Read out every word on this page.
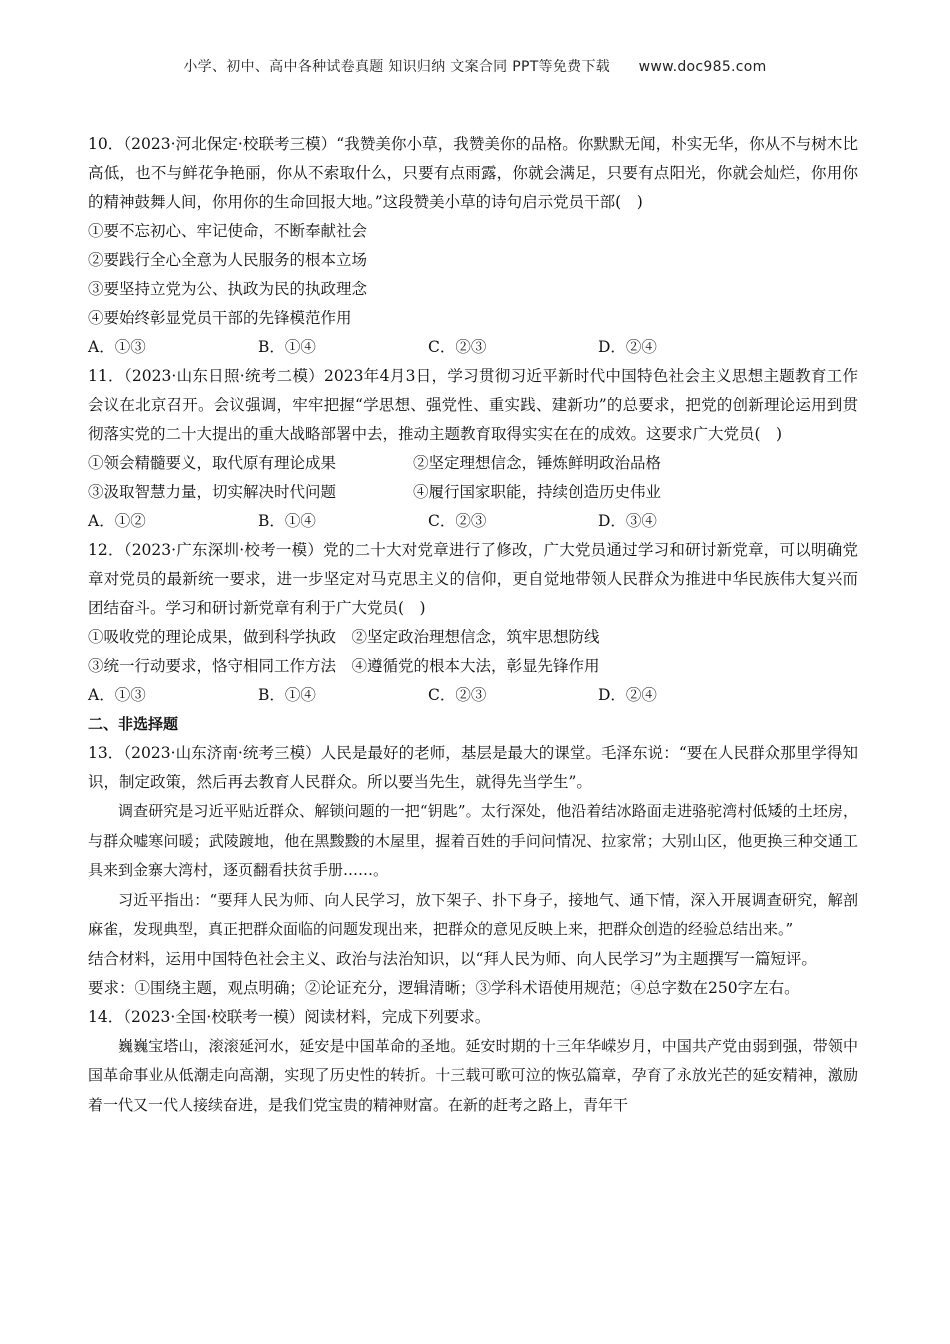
小学、初中、高中各种试卷真题 知识归纳 文案合同 PPT等免费下载　　www.doc985.com

10．（2023·河北保定·校联考三模）“我赞美你小草，我赞美你的品格。你默默无闻，朴实无华，你从不与树木比高低，也不与鲜花争艳丽，你从不索取什么，只要有点雨露，你就会满足，只要有点阳光，你就会灿烂，你用你的精神鼓舞人间，你用你的生命回报大地。”这段赞美小草的诗句启示党员干部(　)

①要不忘初心、牢记使命，不断奉献社会

②要践行全心全意为人民服务的根本立场

③要坚持立党为公、执政为民的执政理念

④要始终彰显党员干部的先锋模范作用

A．①③	B．①④	C．②③	D．②④

11．（2023·山东日照·统考二模）2023年4月3日，学习贯彻习近平新时代中国特色社会主义思想主题教育工作会议在北京召开。会议强调，牢牢把握“学思想、强党性、重实践、建新功”的总要求，把党的创新理论运用到贯彻落实党的二十大提出的重大战略部署中去，推动主题教育取得实实在在的成效。这要求广大党员(　)

①领会精髓要义，取代原有理论成果	②坚定理想信念，锤炼鲜明政治品格
③汲取智慧力量，切实解决时代问题	④履行国家职能，持续创造历史伟业
A．①②	B．①④	C．②③	D．③④

12．（2023·广东深圳·校考一模）党的二十大对党章进行了修改，广大党员通过学习和研讨新党章，可以明确党章对党员的最新统一要求，进一步坚定对马克思主义的信仰，更自觉地带领人民群众为推进中华民族伟大复兴而团结奋斗。学习和研讨新党章有利于广大党员(　)

①吸收党的理论成果，做到科学执政　②坚定政治理想信念，筑牢思想防线

③统一行动要求，恪守相同工作方法　④遵循党的根本大法，彰显先锋作用

A．①③	B．①④	C．②③	D．②④

二、非选择题

13．（2023·山东济南·统考三模）人民是最好的老师，基层是最大的课堂。毛泽东说：“要在人民群众那里学得知识，制定政策，然后再去教育人民群众。所以要当先生，就得先当学生”。

调查研究是习近平贴近群众、解锁问题的一把“钥匙”。太行深处，他沿着结冰路面走进骆驼湾村低矮的土坯房，与群众嘘寒问暖；武陵踱地，他在黑黢黢的木屋里，握着百姓的手问问情况、拉家常；大别山区，他更换三种交通工具来到金寨大湾村，逐页翻看扶贫手册……。

习近平指出：“要拜人民为师、向人民学习，放下架子、扑下身子，接地气、通下情，深入开展调查研究，解剖麻雀，发现典型，真正把群众面临的问题发现出来，把群众的意见反映上来，把群众创造的经验总结出来。”

结合材料，运用中国特色社会主义、政治与法治知识，以“拜人民为师、向人民学习”为主题撰写一篇短评。

要求：①围绕主题，观点明确；②论证充分，逻辑清晰；③学科术语使用规范；④总字数在250字左右。

14．（2023·全国·校联考一模）阅读材料，完成下列要求。

巍巍宝塔山，滚滚延河水，延安是中国革命的圣地。延安时期的十三年华嵘岁月，中国共产党由弱到强，带领中国革命事业从低潮走向高潮，实现了历史性的转折。十三载可歌可泣的恢弘篇章，孕育了永放光芒的延安精神，激励着一代又一代人接续奋进，是我们党宝贵的精神财富。在新的赶考之路上，青年干
